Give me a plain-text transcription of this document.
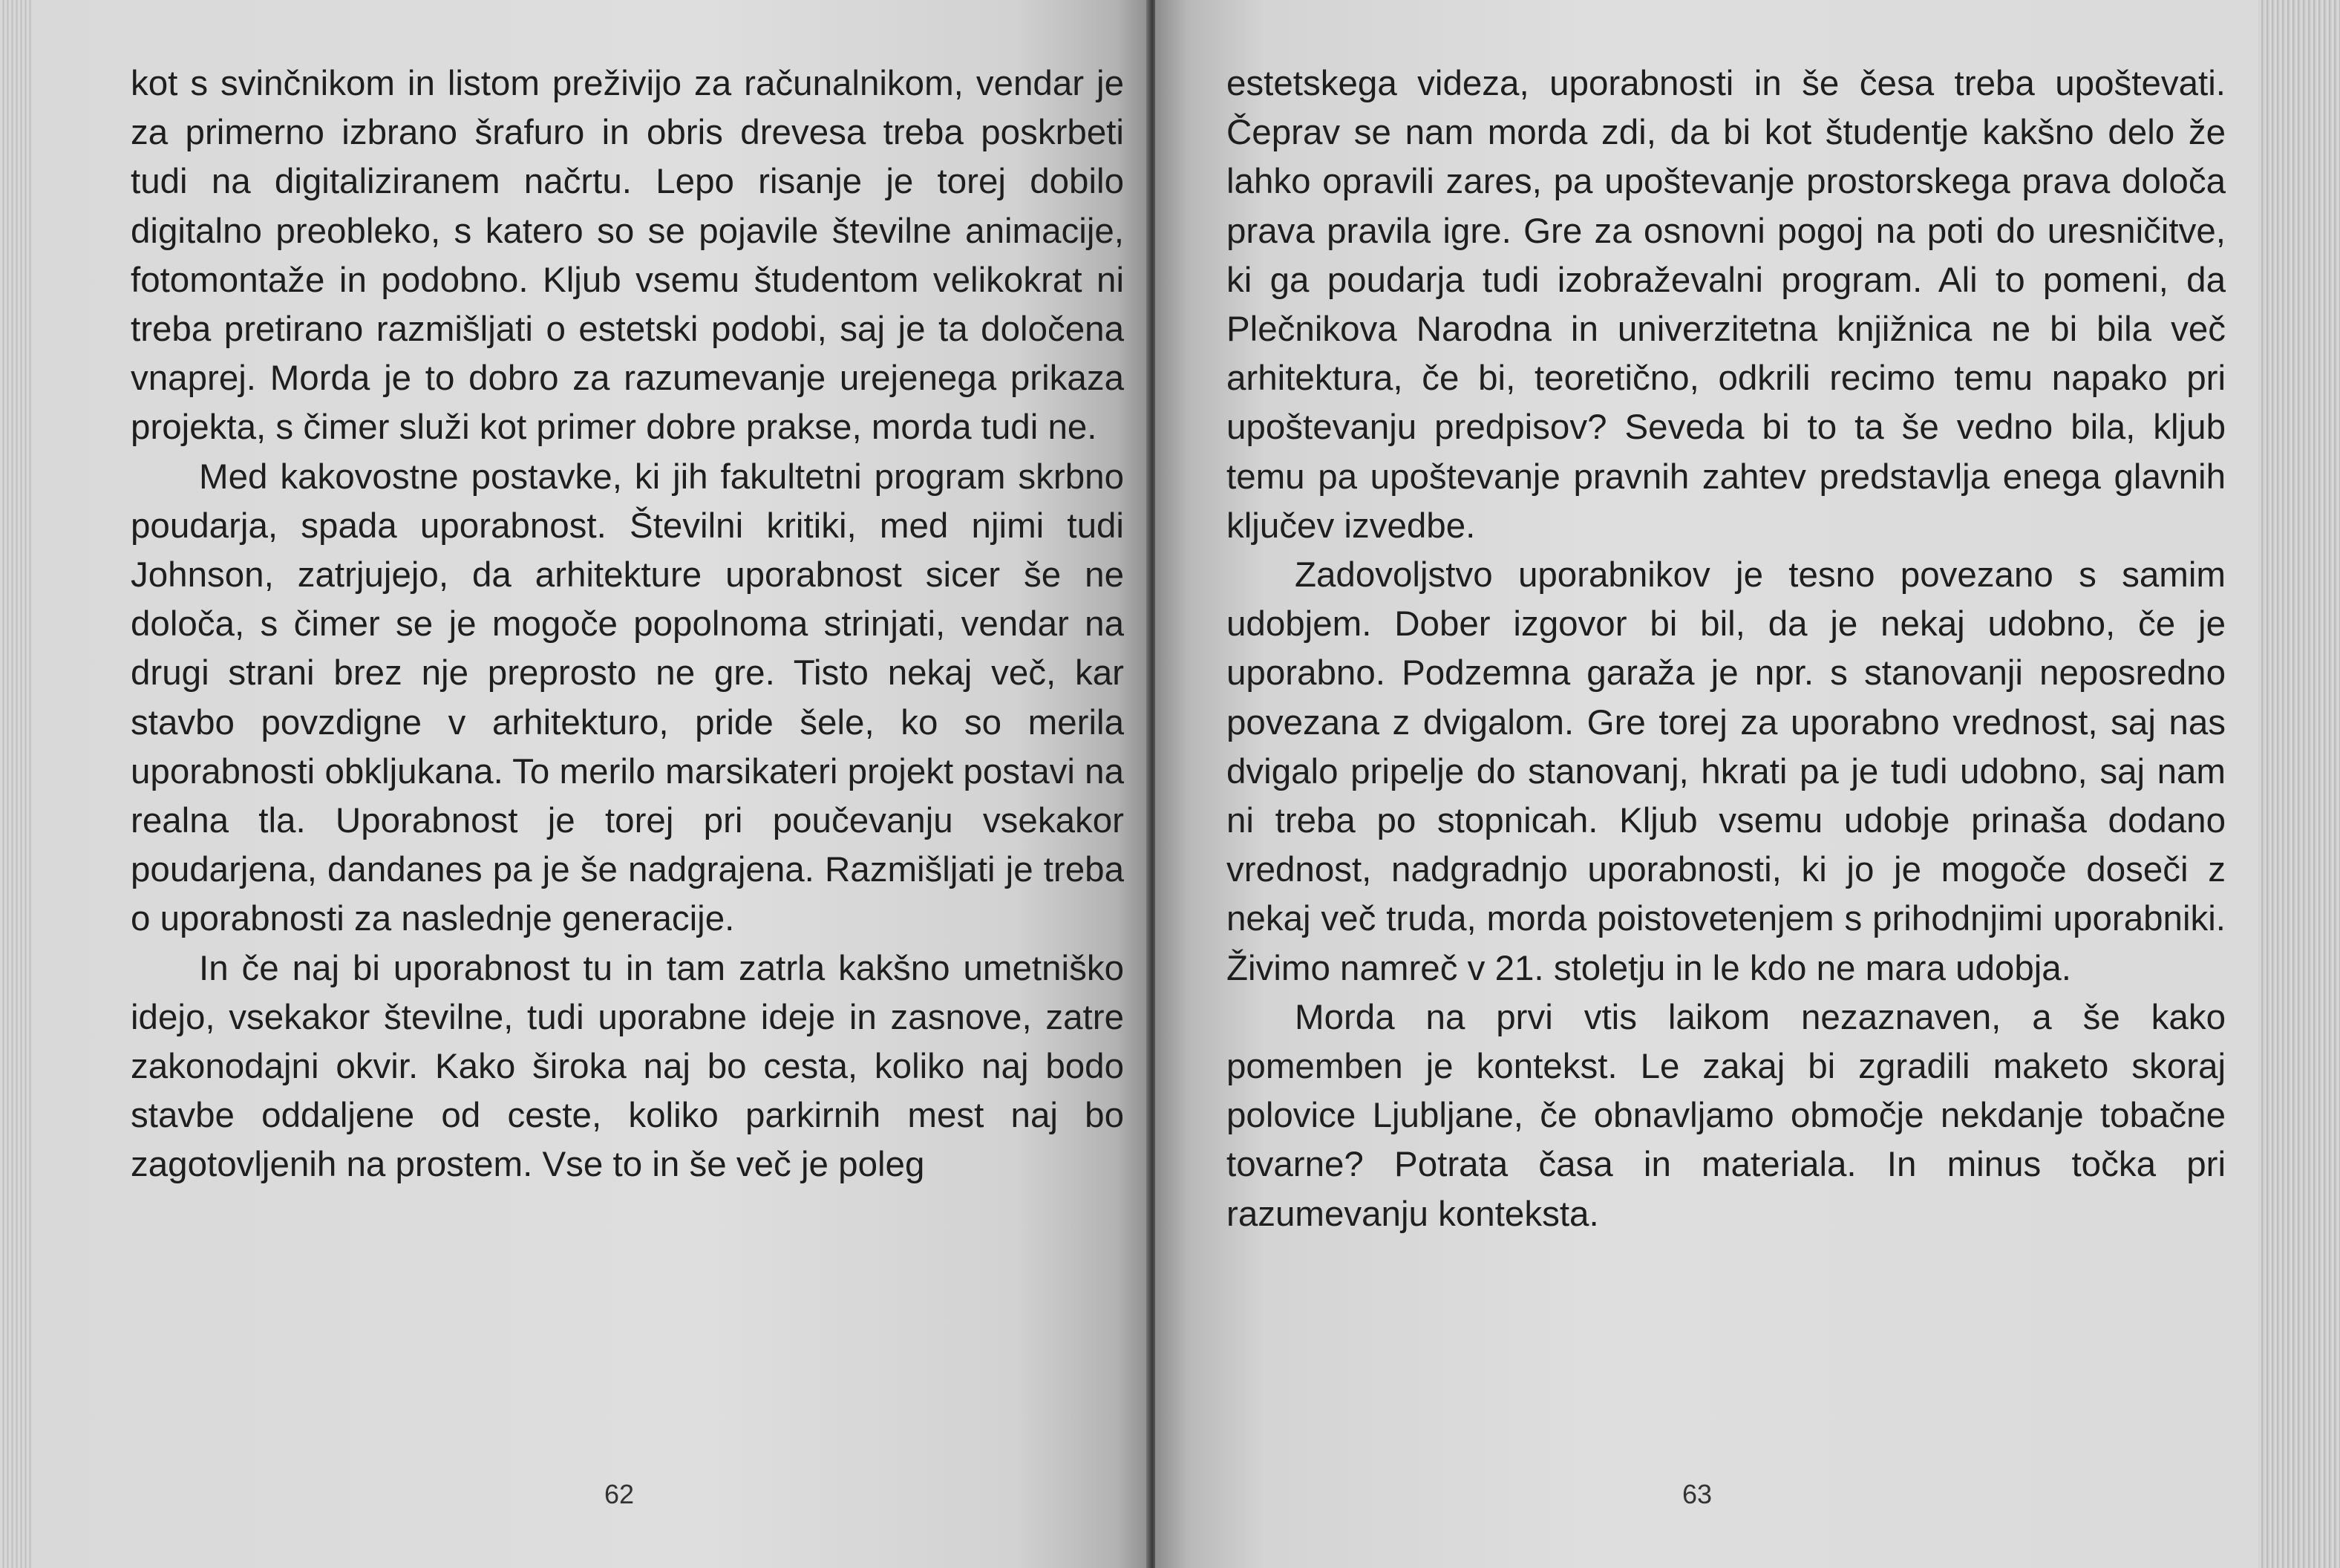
kot s svinčnikom in listom preživijo za računalnikom, vendar je za primerno izbrano šrafuro in obris drevesa treba poskrbeti tudi na digitaliziranem načrtu. Lepo risanje je torej dobilo digitalno preobleko, s katero so se pojavile številne animacije, fotomontaže in podobno. Kljub vsemu študentom velikokrat ni treba pretirano razmišljati o estetski podobi, saj je ta določena vnaprej. Morda je to dobro za razumevanje urejenega prikaza projekta, s čimer služi kot primer dobre prakse, morda tudi ne.

Med kakovostne postavke, ki jih fakultetni program skrbno poudarja, spada uporabnost. Številni kritiki, med njimi tudi Johnson, zatrjujejo, da arhitekture uporabnost sicer še ne določa, s čimer se je mogoče popolnoma strinjati, vendar na drugi strani brez nje preprosto ne gre. Tisto nekaj več, kar stavbo povzdigne v arhitekturo, pride šele, ko so merila uporabnosti obkljukana. To merilo marsikateri projekt postavi na realna tla. Uporabnost je torej pri poučevanju vsekakor poudarjena, dandanes pa je še nadgrajena. Razmišljati je treba o uporabnosti za naslednje generacije.

In če naj bi uporabnost tu in tam zatrla kakšno umetniško idejo, vsekakor številne, tudi uporabne ideje in zasnove, zatre zakonodajni okvir. Kako široka naj bo cesta, koliko naj bodo stavbe oddaljene od ceste, koliko parkirnih mest naj bo zagotovljenih na prostem. Vse to in še več je poleg

62

estetskega videza, uporabnosti in še česa treba upoštevati. Čeprav se nam morda zdi, da bi kot študentje kakšno delo že lahko opravili zares, pa upoštevanje prostorskega prava določa prava pravila igre. Gre za osnovni pogoj na poti do uresničitve, ki ga poudarja tudi izobraževalni program. Ali to pomeni, da Plečnikova Narodna in univerzitetna knjižnica ne bi bila več arhitektura, če bi, teoretično, odkrili recimo temu napako pri upoštevanju predpisov? Seveda bi to ta še vedno bila, kljub temu pa upoštevanje pravnih zahtev predstavlja enega glavnih ključev izvedbe.

Zadovoljstvo uporabnikov je tesno povezano s samim udobjem. Dober izgovor bi bil, da je nekaj udobno, če je uporabno. Podzemna garaža je npr. s stanovanji neposredno povezana z dvigalom. Gre torej za uporabno vrednost, saj nas dvigalo pripelje do stanovanj, hkrati pa je tudi udobno, saj nam ni treba po stopnicah. Kljub vsemu udobje prinaša dodano vrednost, nadgradnjo uporabnosti, ki jo je mogoče doseči z nekaj več truda, morda poistovetenjem s prihodnjimi uporabniki. Živimo namreč v 21. stoletju in le kdo ne mara udobja.

Morda na prvi vtis laikom nezaznaven, a še kako pomemben je kontekst. Le zakaj bi zgradili maketo skoraj polovice Ljubljane, če obnavljamo območje nekdanje tobačne tovarne? Potrata časa in materiala. In minus točka pri razumevanju konteksta.

63
